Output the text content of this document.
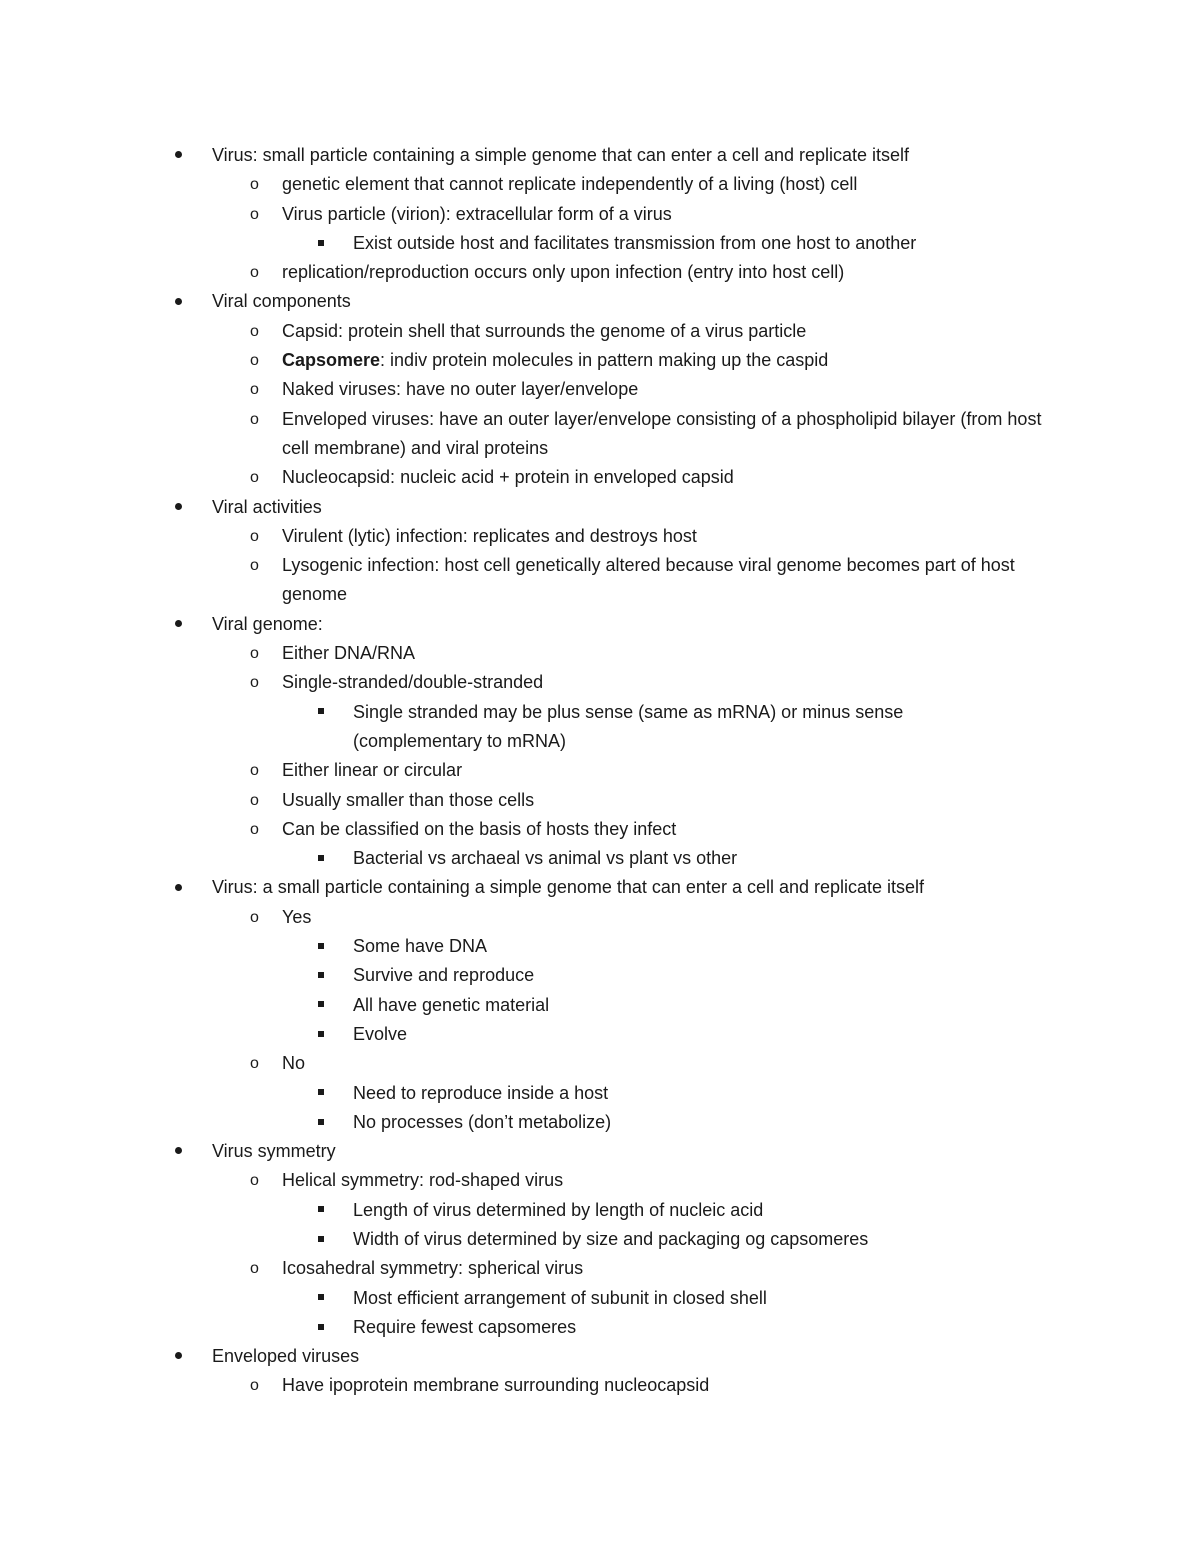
Virus: small particle containing a simple genome that can enter a cell and replicate itself
o genetic element that cannot replicate independently of a living (host) cell
o Virus particle (virion): extracellular form of a virus
Exist outside host and facilitates transmission from one host to another
o replication/reproduction occurs only upon infection (entry into host cell)
Viral components
o Capsid: protein shell that surrounds the genome of a virus particle
o Capsomere: indiv protein molecules in pattern making up the caspid
o Naked viruses: have no outer layer/envelope
o Enveloped viruses: have an outer layer/envelope consisting of a phospholipid bilayer (from host cell membrane) and viral proteins
o Nucleocapsid: nucleic acid + protein in enveloped capsid
Viral activities
o Virulent (lytic) infection: replicates and destroys host
o Lysogenic infection: host cell genetically altered because viral genome becomes part of host genome
Viral genome:
o Either DNA/RNA
o Single-stranded/double-stranded
Single stranded may be plus sense (same as mRNA) or minus sense (complementary to mRNA)
o Either linear or circular
o Usually smaller than those cells
o Can be classified on the basis of hosts they infect
Bacterial vs archaeal vs animal vs plant vs other
Virus: a small particle containing a simple genome that can enter a cell and replicate itself
o Yes
Some have DNA
Survive and reproduce
All have genetic material
Evolve
o No
Need to reproduce inside a host
No processes (don’t metabolize)
Virus symmetry
o Helical symmetry: rod-shaped virus
Length of virus determined by length of nucleic acid
Width of virus determined by size and packaging og capsomeres
o Icosahedral symmetry: spherical virus
Most efficient arrangement of subunit in closed shell
Require fewest capsomeres
Enveloped viruses
o Have ipoprotein membrane surrounding nucleocapsid
